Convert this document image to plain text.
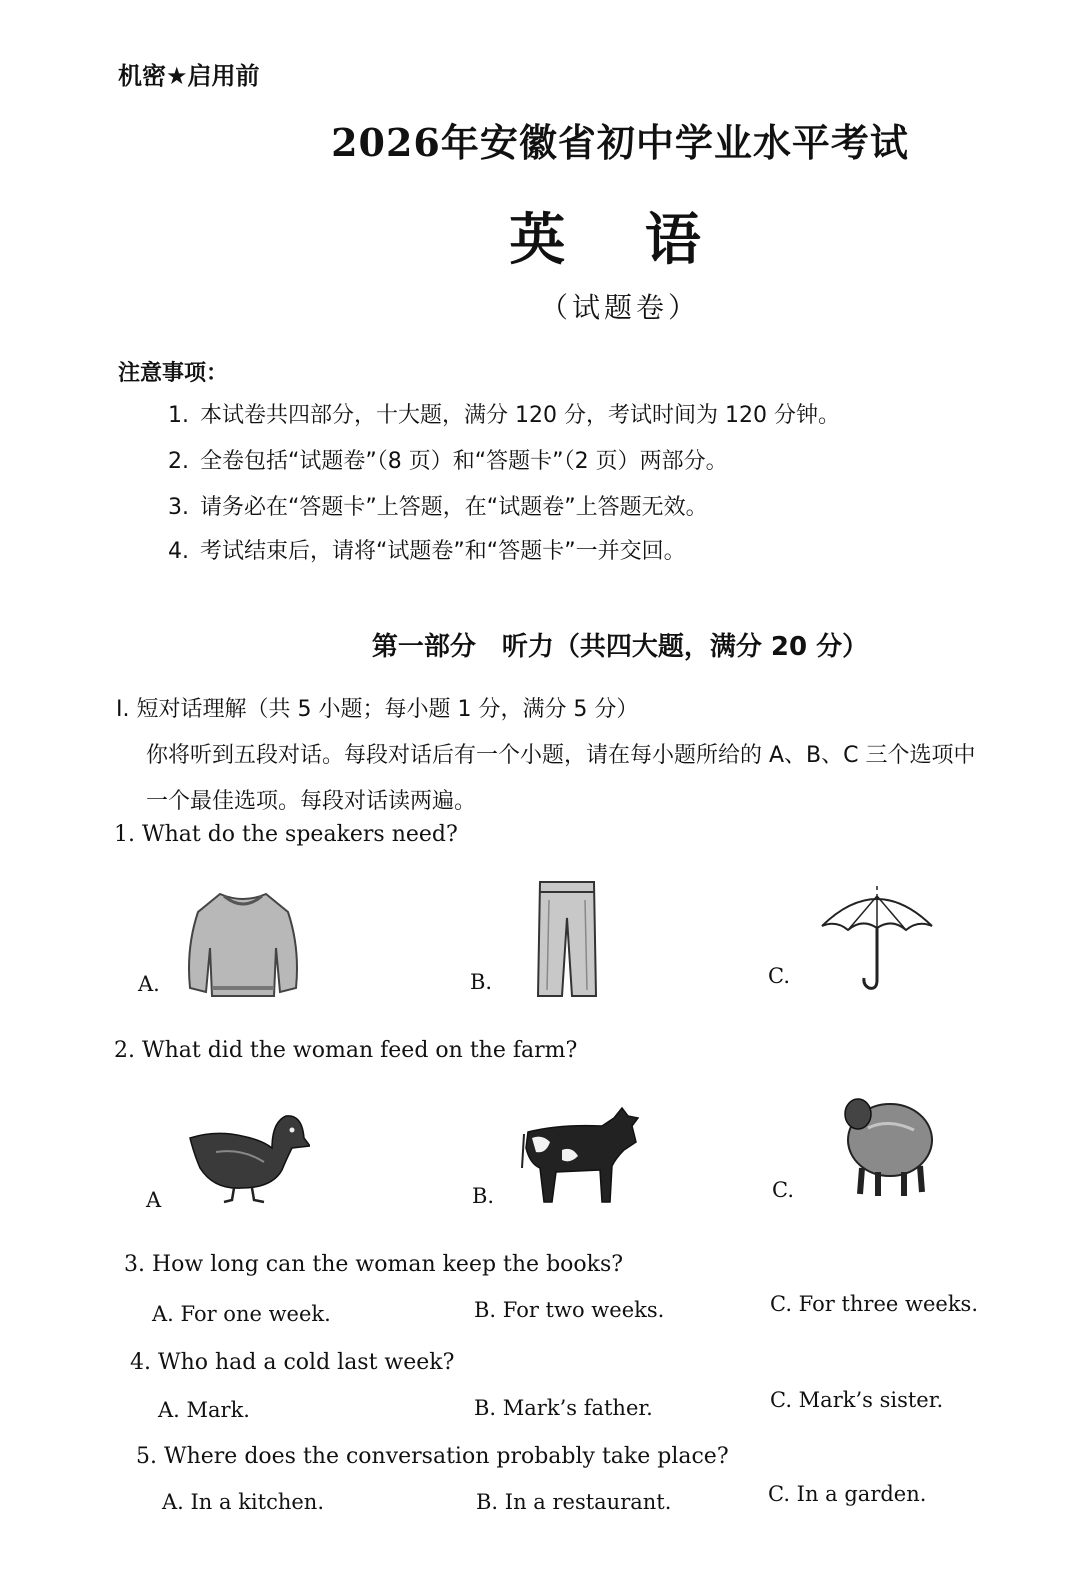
机密★启用前
2026年安徽省初中学业水平考试
英 语
（试题卷）
注意事项：
1. 本试卷共四部分，十大题，满分 120 分，考试时间为 120 分钟。
2. 全卷包括“试题卷”（8 页）和“答题卡”（2 页）两部分。
3. 请务必在“答题卡”上答题，在“试题卷”上答题无效。
4. 考试结束后，请将“试题卷”和“答题卡”一并交回。
第一部分　听力（共四大题，满分 20 分）
I. 短对话理解（共 5 小题；每小题 1 分，满分 5 分）
你将听到五段对话。每段对话后有一个小题，请在每小题所给的 A、B、C 三个选项中
一个最佳选项。每段对话读两遍。
1. What do the speakers need?
A.	B.	C.
2. What did the woman feed on the farm?
A	B.	C.
3. How long can the woman keep the books?
A. For one week.	B. For two weeks.	C. For three weeks.
4. Who had a cold last week?
A. Mark.	B. Mark’s father.	C. Mark’s sister.
5. Where does the conversation probably take place?
A. In a kitchen.	B. In a restaurant.	C. In a garden.
